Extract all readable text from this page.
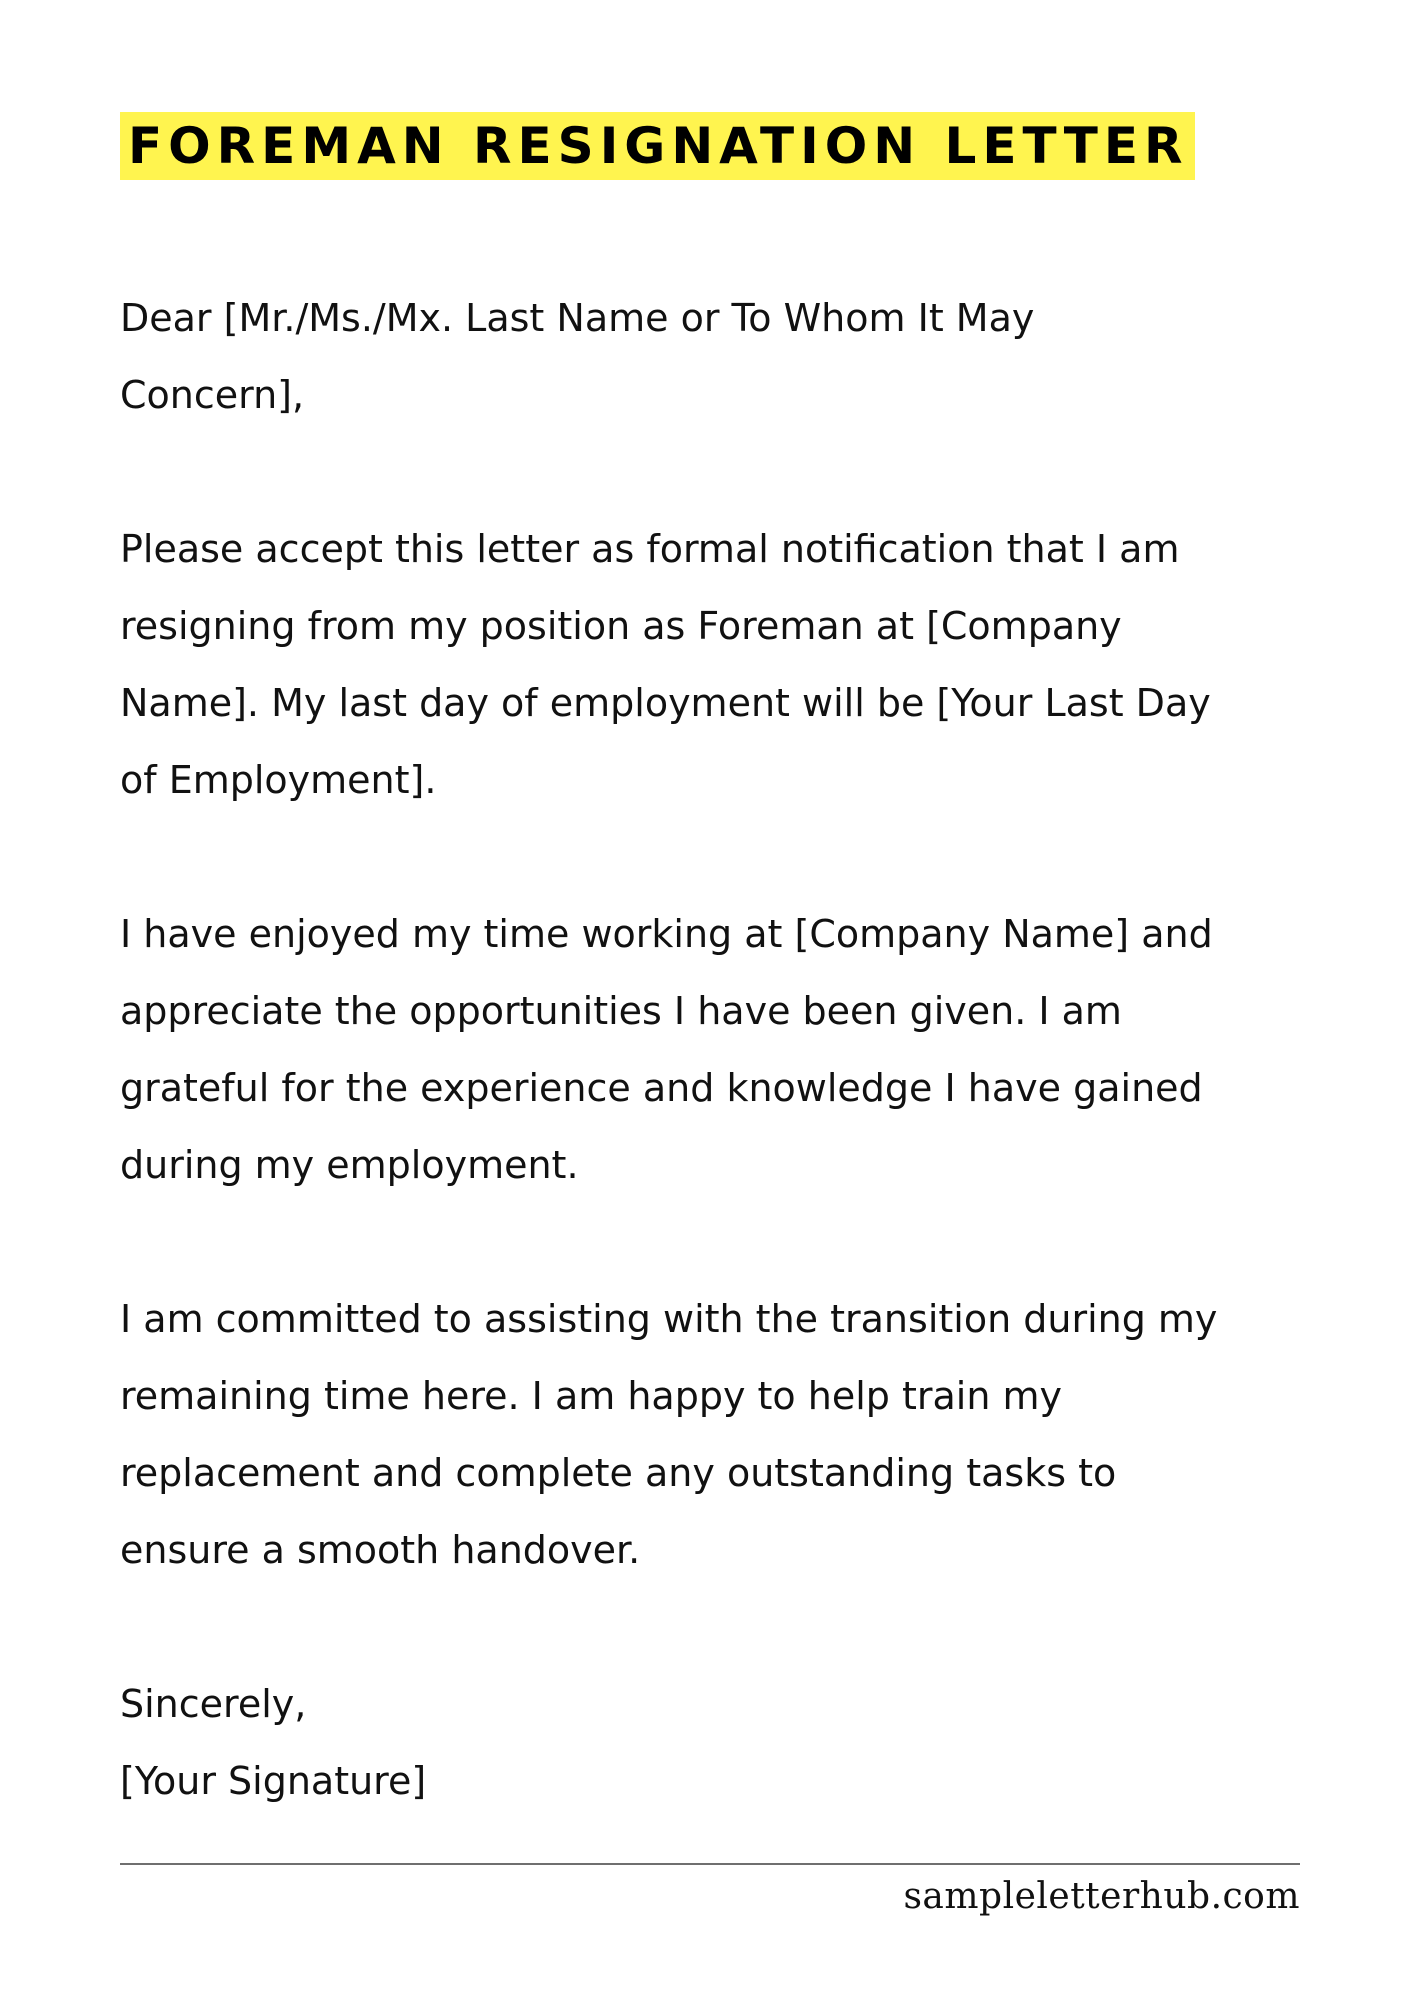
FOREMAN RESIGNATION LETTER
Dear [Mr./Ms./Mx. Last Name or To Whom It May
Concern],
Please accept this letter as formal notification that I am
resigning from my position as Foreman at [Company
Name]. My last day of employment will be [Your Last Day
of Employment].
I have enjoyed my time working at [Company Name] and
appreciate the opportunities I have been given. I am
grateful for the experience and knowledge I have gained
during my employment.
I am committed to assisting with the transition during my
remaining time here. I am happy to help train my
replacement and complete any outstanding tasks to
ensure a smooth handover.
Sincerely,
[Your Signature]
sampleletterhub.com
